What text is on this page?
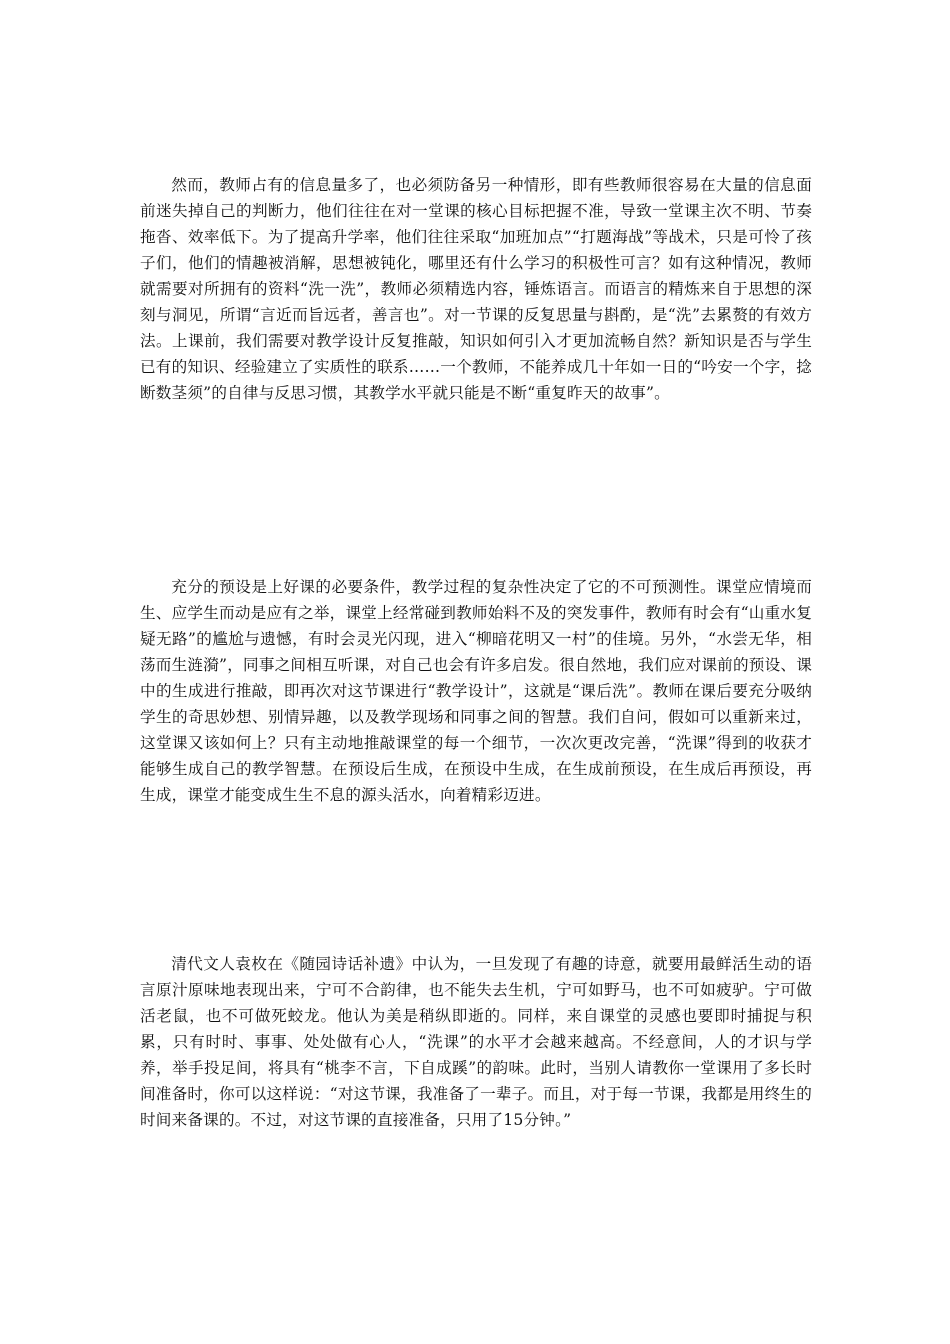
然而，教师占有的信息量多了，也必须防备另一种情形，即有些教师很容易在大量的信息面前迷失掉自己的判断力，他们往往在对一堂课的核心目标把握不准，导致一堂课主次不明、节奏拖沓、效率低下。为了提高升学率，他们往往采取“加班加点”“打题海战”等战术，只是可怜了孩子们，他们的情趣被消解，思想被钝化，哪里还有什么学习的积极性可言？如有这种情况，教师就需要对所拥有的资料“洗一洗”，教师必须精选内容，锤炼语言。而语言的精炼来自于思想的深刻与洞见，所谓“言近而旨远者，善言也”。对一节课的反复思量与斟酌，是“洗”去累赘的有效方法。上课前，我们需要对教学设计反复推敲，知识如何引入才更加流畅自然？新知识是否与学生已有的知识、经验建立了实质性的联系……一个教师，不能养成几十年如一日的“吟安一个字，捻断数茎须”的自律与反思习惯，其教学水平就只能是不断“重复昨天的故事”。

充分的预设是上好课的必要条件，教学过程的复杂性决定了它的不可预测性。课堂应情境而生、应学生而动是应有之举，课堂上经常碰到教师始料不及的突发事件，教师有时会有“山重水复疑无路”的尴尬与遗憾，有时会灵光闪现，进入“柳暗花明又一村”的佳境。另外，“水尝无华，相荡而生涟漪”，同事之间相互听课，对自己也会有许多启发。很自然地，我们应对课前的预设、课中的生成进行推敲，即再次对这节课进行“教学设计”，这就是“课后洗”。教师在课后要充分吸纳学生的奇思妙想、别情异趣，以及教学现场和同事之间的智慧。我们自问，假如可以重新来过，这堂课又该如何上？只有主动地推敲课堂的每一个细节，一次次更改完善，“洗课”得到的收获才能够生成自己的教学智慧。在预设后生成，在预设中生成，在生成前预设，在生成后再预设，再生成，课堂才能变成生生不息的源头活水，向着精彩迈进。

清代文人袁枚在《随园诗话补遗》中认为，一旦发现了有趣的诗意，就要用最鲜活生动的语言原汁原味地表现出来，宁可不合韵律，也不能失去生机，宁可如野马，也不可如疲驴。宁可做活老鼠，也不可做死蛟龙。他认为美是稍纵即逝的。同样，来自课堂的灵感也要即时捕捉与积累，只有时时、事事、处处做有心人，“洗课”的水平才会越来越高。不经意间，人的才识与学养，举手投足间，将具有“桃李不言，下自成蹊”的韵味。此时，当别人请教你一堂课用了多长时间准备时，你可以这样说：“对这节课，我准备了一辈子。而且，对于每一节课，我都是用终生的时间来备课的。不过，对这节课的直接准备，只用了15分钟。”
